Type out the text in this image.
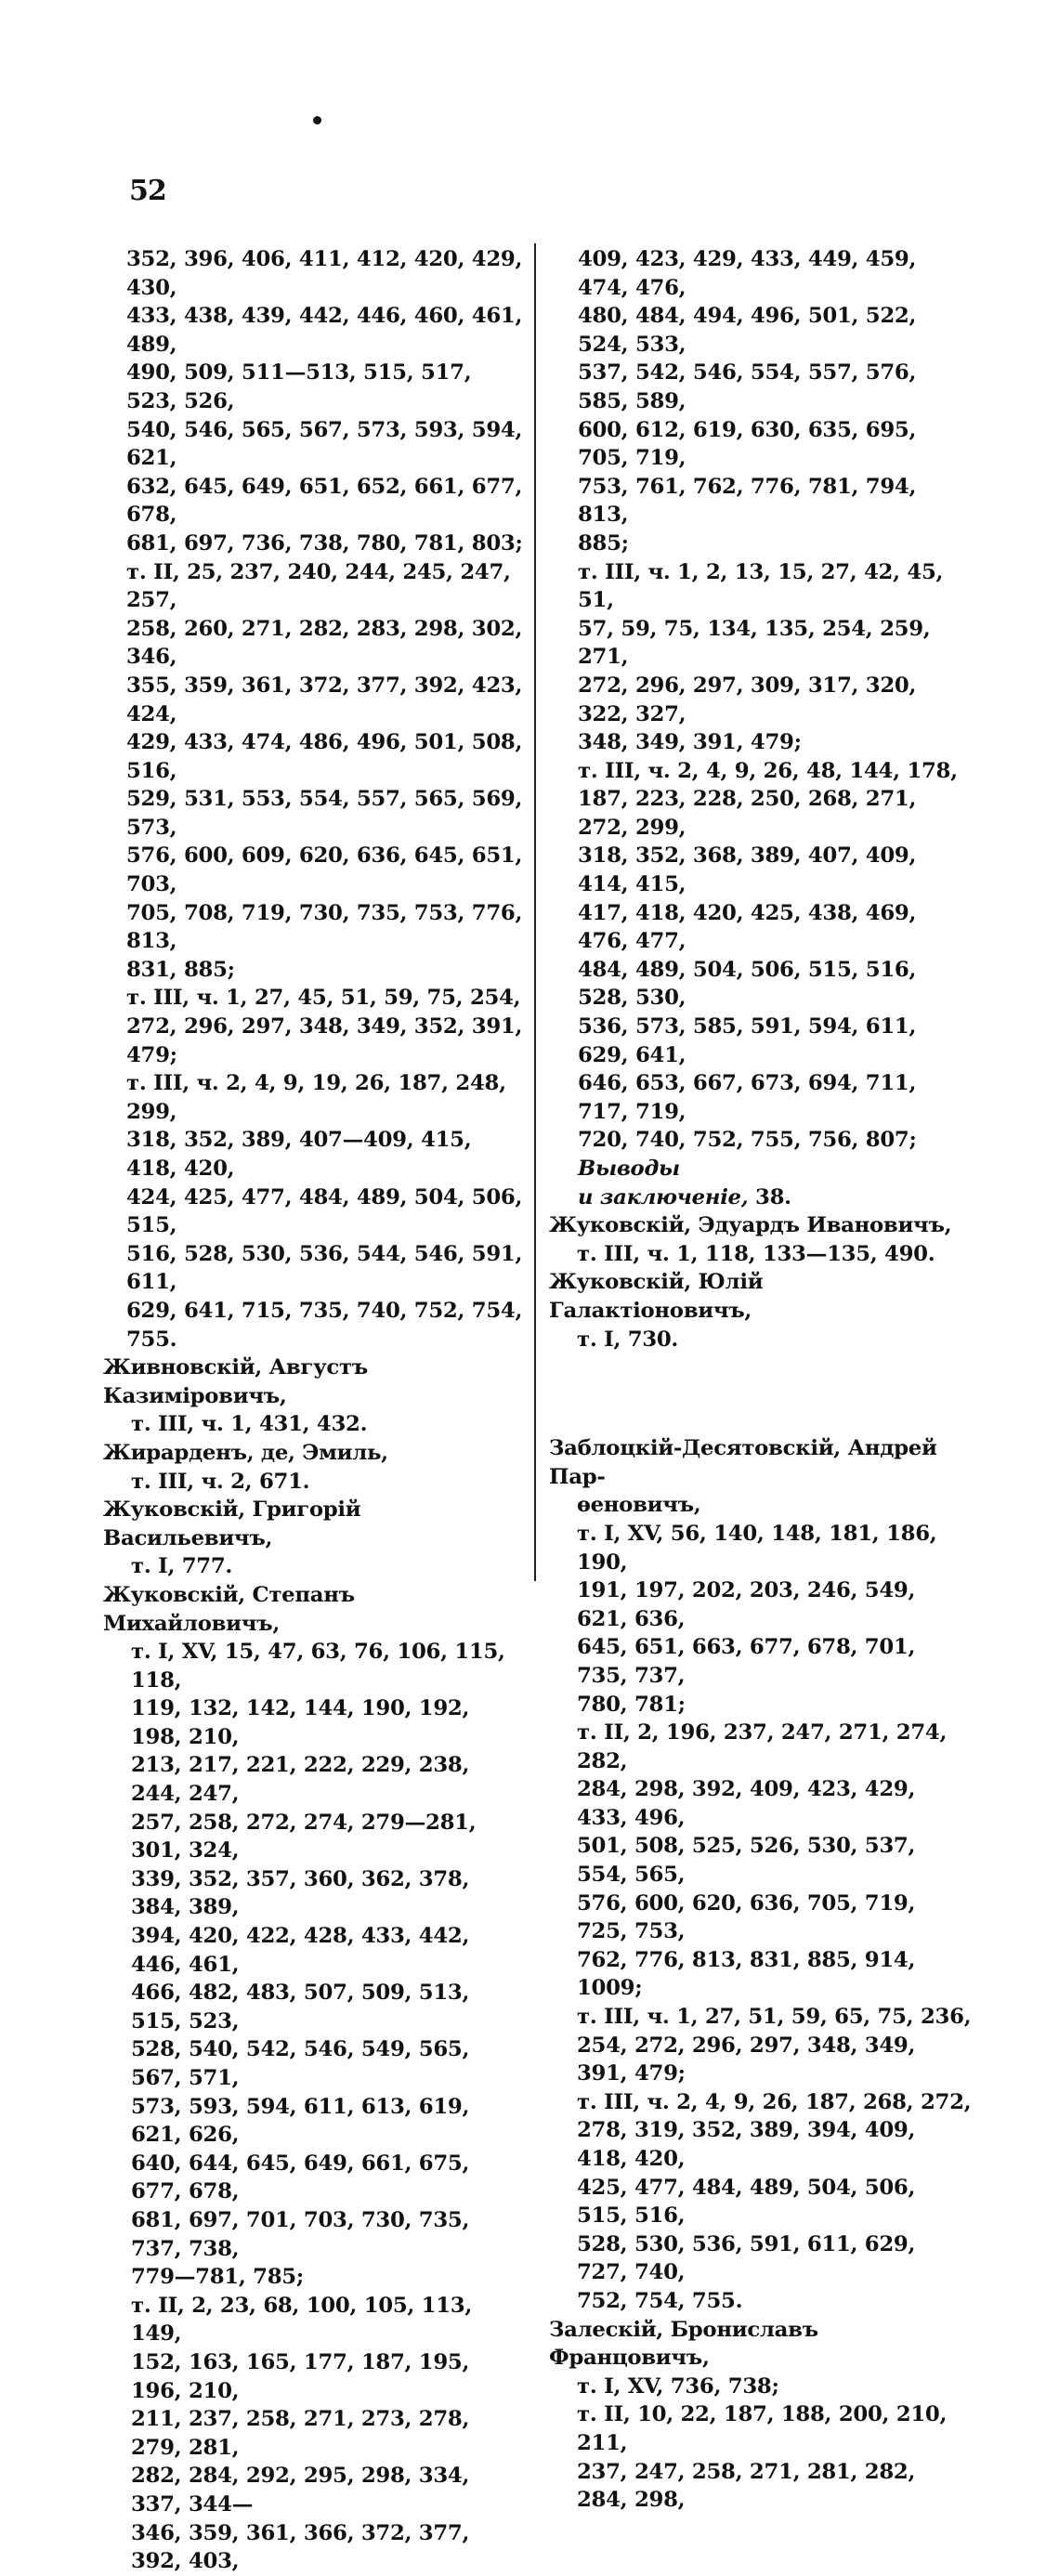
52
352, 396, 406, 411, 412, 420, 429, 430,
433, 438, 439, 442, 446, 460, 461, 489,
490, 509, 511—513, 515, 517, 523, 526,
540, 546, 565, 567, 573, 593, 594, 621,
632, 645, 649, 651, 652, 661, 677, 678,
681, 697, 736, 738, 780, 781, 803;
т. II, 25, 237, 240, 244, 245, 247, 257,
258, 260, 271, 282, 283, 298, 302, 346,
355, 359, 361, 372, 377, 392, 423, 424,
429, 433, 474, 486, 496, 501, 508, 516,
529, 531, 553, 554, 557, 565, 569, 573,
576, 600, 609, 620, 636, 645, 651, 703,
705, 708, 719, 730, 735, 753, 776, 813,
831, 885;
т. III, ч. 1, 27, 45, 51, 59, 75, 254,
272, 296, 297, 348, 349, 352, 391,
479;
т. III, ч. 2, 4, 9, 19, 26, 187, 248, 299,
318, 352, 389, 407—409, 415, 418, 420,
424, 425, 477, 484, 489, 504, 506, 515,
516, 528, 530, 536, 544, 546, 591, 611,
629, 641, 715, 735, 740, 752, 754,
755.
Живновскій, Августъ Казиміровичъ,
т. III, ч. 1, 431, 432.
Жирарденъ, де, Эмиль,
т. III, ч. 2, 671.
Жуковскій, Григорій Васильевичъ,
т. I, 777.
Жуковскій, Степанъ Михайловичъ,
т. I, XV, 15, 47, 63, 76, 106, 115, 118,
119, 132, 142, 144, 190, 192, 198, 210,
213, 217, 221, 222, 229, 238, 244, 247,
257, 258, 272, 274, 279—281, 301, 324,
339, 352, 357, 360, 362, 378, 384, 389,
394, 420, 422, 428, 433, 442, 446, 461,
466, 482, 483, 507, 509, 513, 515, 523,
528, 540, 542, 546, 549, 565, 567, 571,
573, 593, 594, 611, 613, 619, 621, 626,
640, 644, 645, 649, 661, 675, 677, 678,
681, 697, 701, 703, 730, 735, 737, 738,
779—781, 785;
т. II, 2, 23, 68, 100, 105, 113, 149,
152, 163, 165, 177, 187, 195, 196, 210,
211, 237, 258, 271, 273, 278, 279, 281,
282, 284, 292, 295, 298, 334, 337, 344—
346, 359, 361, 366, 372, 377, 392, 403,
409, 423, 429, 433, 449, 459, 474, 476,
480, 484, 494, 496, 501, 522, 524, 533,
537, 542, 546, 554, 557, 576, 585, 589,
600, 612, 619, 630, 635, 695, 705, 719,
753, 761, 762, 776, 781, 794, 813,
885;
т. III, ч. 1, 2, 13, 15, 27, 42, 45, 51,
57, 59, 75, 134, 135, 254, 259, 271,
272, 296, 297, 309, 317, 320, 322, 327,
348, 349, 391, 479;
т. III, ч. 2, 4, 9, 26, 48, 144, 178,
187, 223, 228, 250, 268, 271, 272, 299,
318, 352, 368, 389, 407, 409, 414, 415,
417, 418, 420, 425, 438, 469, 476, 477,
484, 489, 504, 506, 515, 516, 528, 530,
536, 573, 585, 591, 594, 611, 629, 641,
646, 653, 667, 673, 694, 711, 717, 719,
720, 740, 752, 755, 756, 807; Выводы
и заключеніе, 38.
Жуковскій, Эдуардъ Ивановичъ,
т. III, ч. 1, 118, 133—135, 490.
Жуковскій, Юлій Галактіоновичъ,
т. I, 730.
Заблоцкій-Десятовскій, Андрей Пар-
ѳеновичъ,
т. I, XV, 56, 140, 148, 181, 186, 190,
191, 197, 202, 203, 246, 549, 621, 636,
645, 651, 663, 677, 678, 701, 735, 737,
780, 781;
т. II, 2, 196, 237, 247, 271, 274, 282,
284, 298, 392, 409, 423, 429, 433, 496,
501, 508, 525, 526, 530, 537, 554, 565,
576, 600, 620, 636, 705, 719, 725, 753,
762, 776, 813, 831, 885, 914, 1009;
т. III, ч. 1, 27, 51, 59, 65, 75, 236,
254, 272, 296, 297, 348, 349, 391, 479;
т. III, ч. 2, 4, 9, 26, 187, 268, 272,
278, 319, 352, 389, 394, 409, 418, 420,
425, 477, 484, 489, 504, 506, 515, 516,
528, 530, 536, 591, 611, 629, 727, 740,
752, 754, 755.
Залескій, Брониславъ Францовичъ,
т. I, XV, 736, 738;
т. II, 10, 22, 187, 188, 200, 210, 211,
237, 247, 258, 271, 281, 282, 284, 298,
